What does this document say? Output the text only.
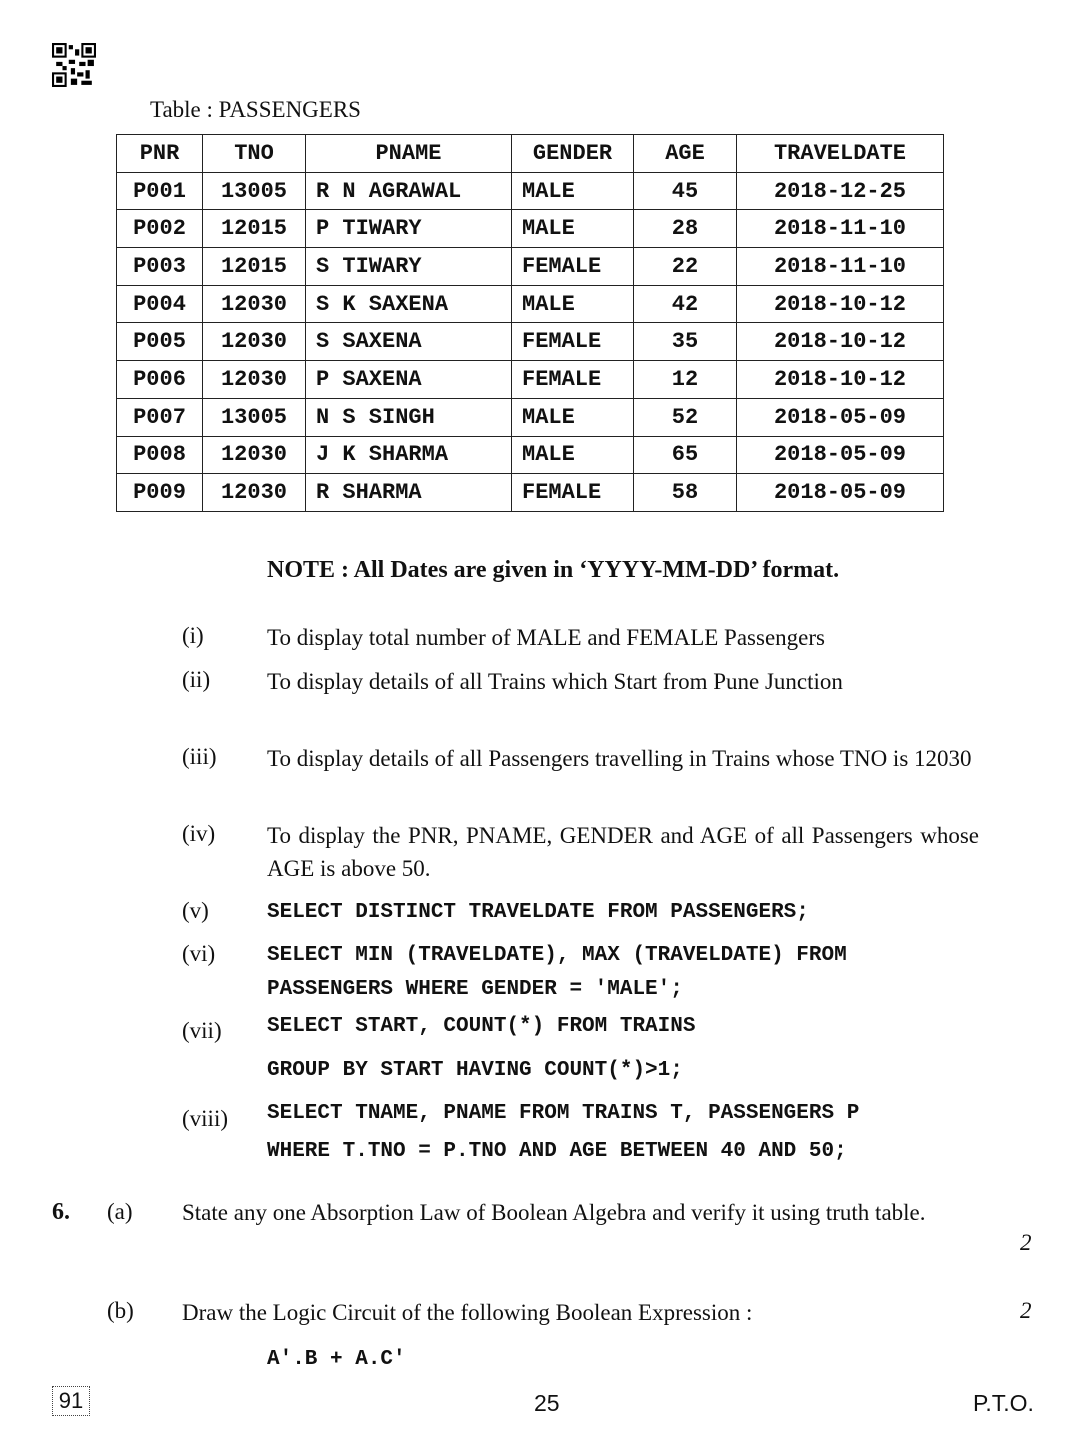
Table : PASSENGERS
PNR	TNO	PNAME	GENDER	AGE	TRAVELDATE
P001	13005	R N AGRAWAL	MALE	45	2018-12-25
P002	12015	P TIWARY	MALE	28	2018-11-10
P003	12015	S TIWARY	FEMALE	22	2018-11-10
P004	12030	S K SAXENA	MALE	42	2018-10-12
P005	12030	S SAXENA	FEMALE	35	2018-10-12
P006	12030	P SAXENA	FEMALE	12	2018-10-12
P007	13005	N S SINGH	MALE	52	2018-05-09
P008	12030	J K SHARMA	MALE	65	2018-05-09
P009	12030	R SHARMA	FEMALE	58	2018-05-09
NOTE : All Dates are given in ‘YYYY-MM-DD’ format.
(i)	To display total number of MALE and FEMALE Passengers
(ii) To display details of all Trains which Start from Pune Junction
(iii) To display details of all Passengers travelling in Trains whose TNO is 12030
(iv) To display the PNR, PNAME, GENDER and AGE of all Passengers whose AGE is above 50.
(v)	SELECT DISTINCT TRAVELDATE FROM PASSENGERS;
(vi) SELECT MIN (TRAVELDATE), MAX (TRAVELDATE) FROM
PASSENGERS WHERE GENDER = 'MALE';
(vii) SELECT START, COUNT(*) FROM TRAINS

GROUP BY START HAVING COUNT(*)>1;
(viii) SELECT TNAME, PNAME FROM TRAINS T, PASSENGERS P

WHERE T.TNO = P.TNO AND AGE BETWEEN 40 AND 50;
6. (a) State any one Absorption Law of Boolean Algebra and verify it using truth table.
2
(b) Draw the Logic Circuit of the following Boolean Expression :	2
A′.B + A.C′
91	25	P.T.O.
